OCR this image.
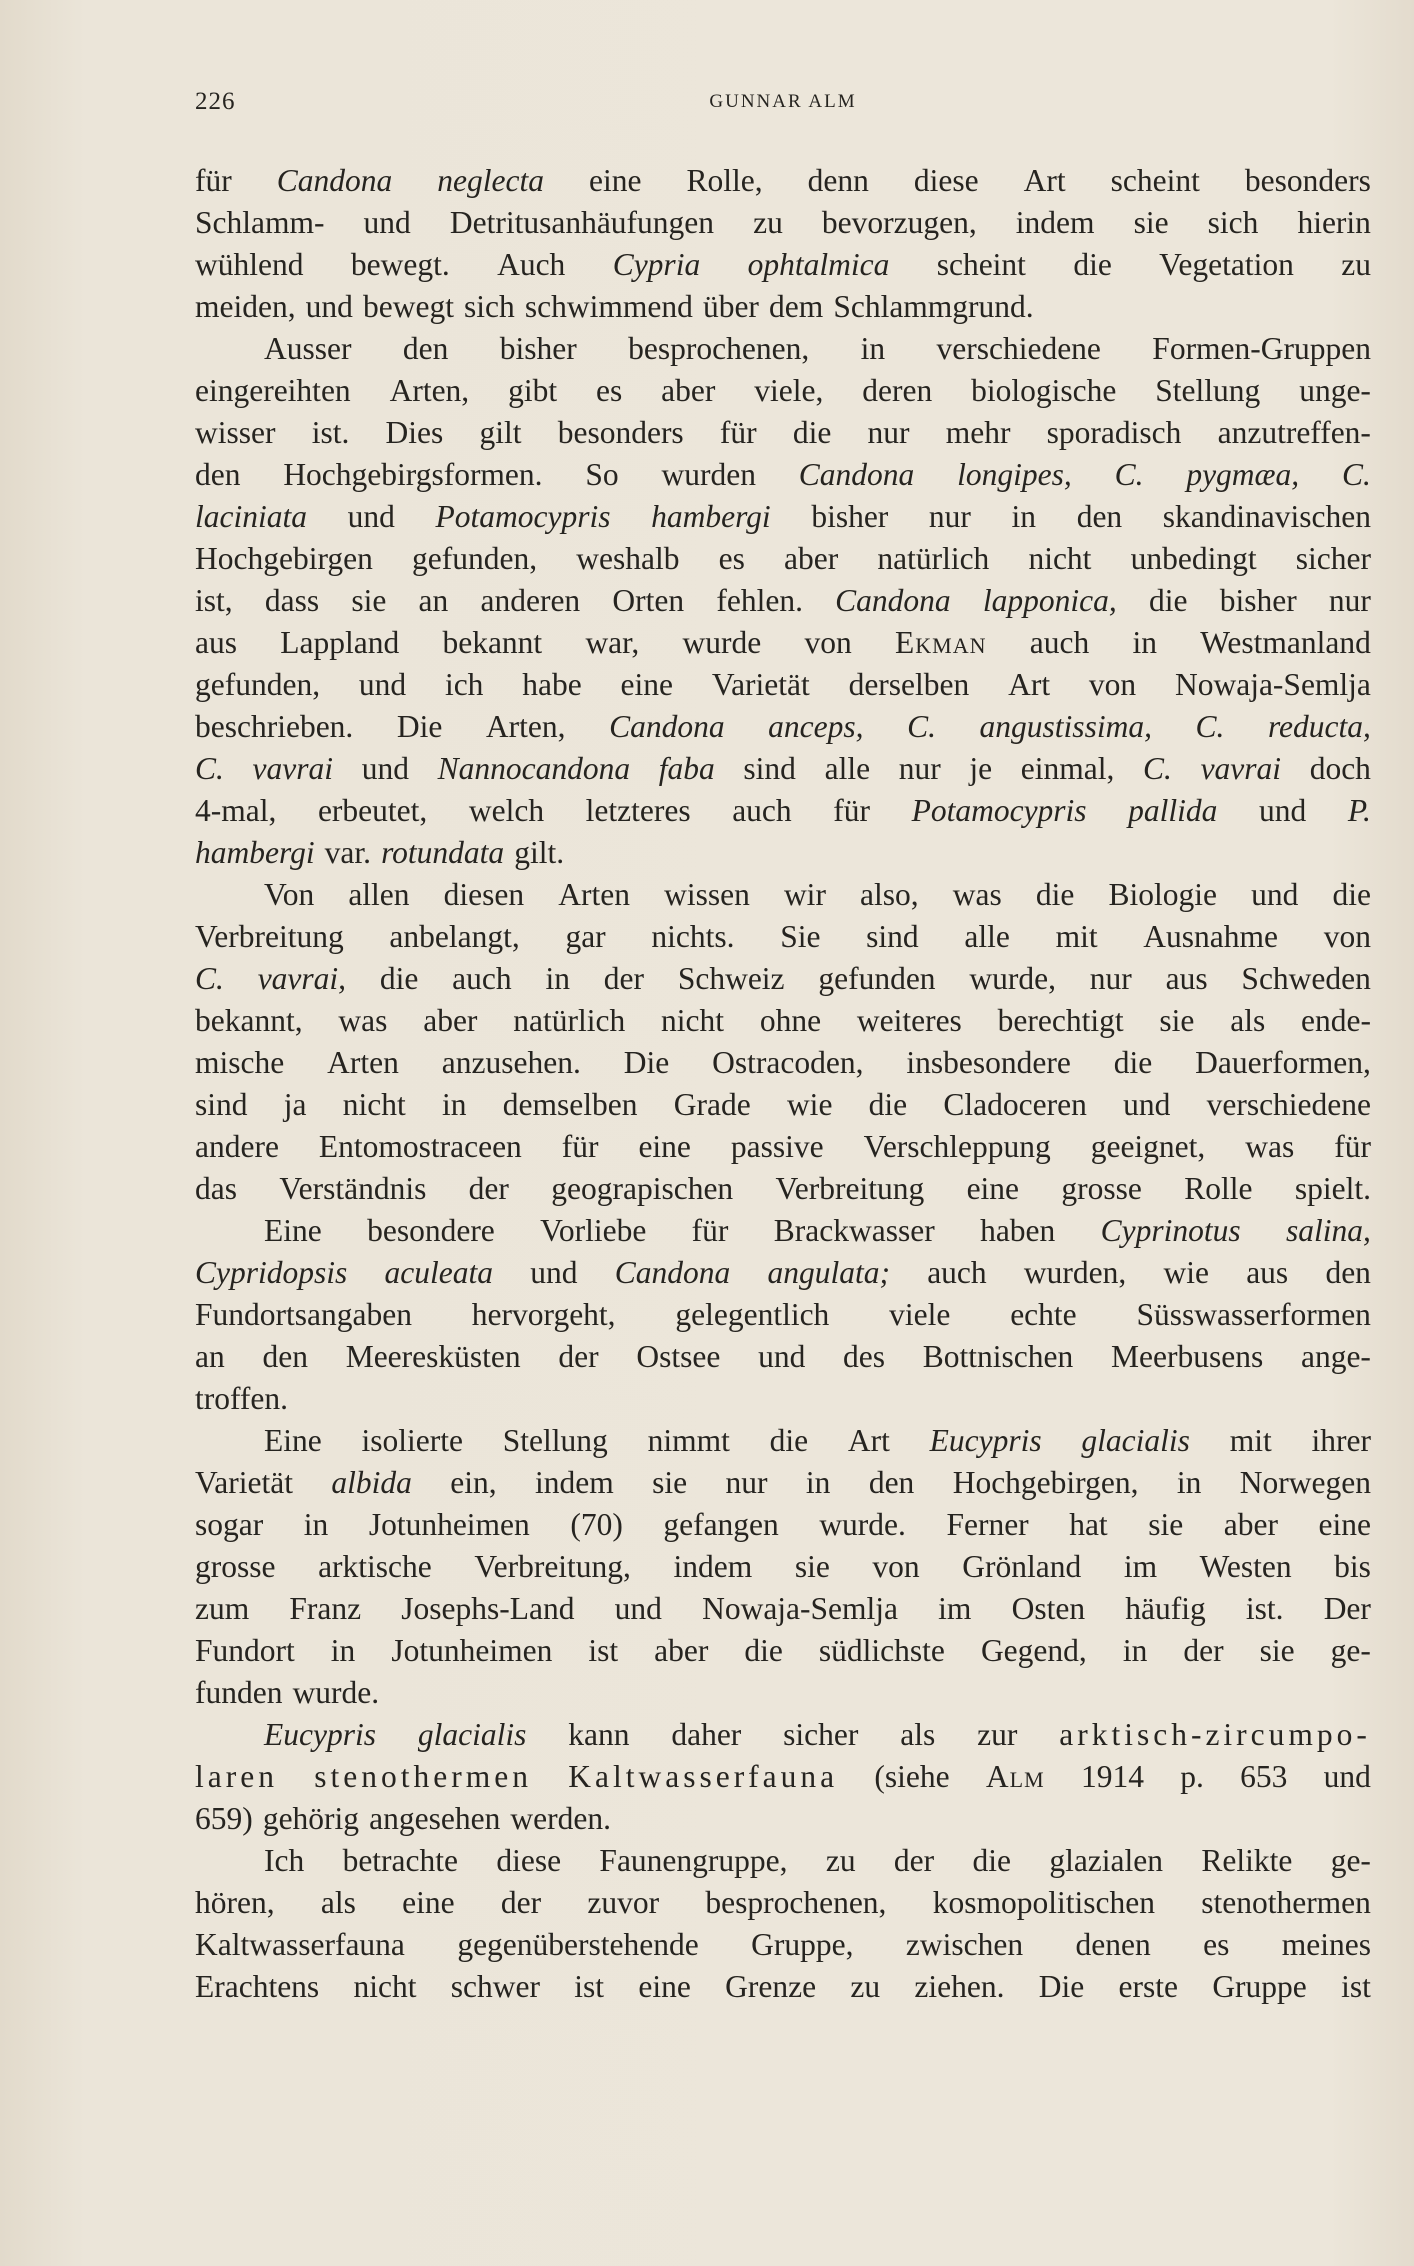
226	GUNNAR ALM
für Candona neglecta eine Rolle, denn diese Art scheint besonders
Schlamm- und Detritusanhäufungen zu bevorzugen, indem sie sich hierin
wühlend bewegt. Auch Cypria ophtalmica scheint die Vegetation zu
meiden, und bewegt sich schwimmend über dem Schlammgrund.
Ausser den bisher besprochenen, in verschiedene Formen-Gruppen
eingereihten Arten, gibt es aber viele, deren biologische Stellung unge-
wisser ist. Dies gilt besonders für die nur mehr sporadisch anzutreffen-
den Hochgebirgsformen. So wurden Candona longipes, C. pygmæa, C.
laciniata und Potamocypris hambergi bisher nur in den skandinavischen
Hochgebirgen gefunden, weshalb es aber natürlich nicht unbedingt sicher
ist, dass sie an anderen Orten fehlen. Candona lapponica, die bisher nur
aus Lappland bekannt war, wurde von Ekman auch in Westmanland
gefunden, und ich habe eine Varietät derselben Art von Nowaja-Semlja
beschrieben. Die Arten, Candona anceps, C. angustissima, C. reducta,
C. vavrai und Nannocandona faba sind alle nur je einmal, C. vavrai doch
4-mal, erbeutet, welch letzteres auch für Potamocypris pallida und P.
hambergi var. rotundata gilt.
Von allen diesen Arten wissen wir also, was die Biologie und die
Verbreitung anbelangt, gar nichts. Sie sind alle mit Ausnahme von
C. vavrai, die auch in der Schweiz gefunden wurde, nur aus Schweden
bekannt, was aber natürlich nicht ohne weiteres berechtigt sie als ende-
mische Arten anzusehen. Die Ostracoden, insbesondere die Dauerformen,
sind ja nicht in demselben Grade wie die Cladoceren und verschiedene
andere Entomostraceen für eine passive Verschleppung geeignet, was für
das Verständnis der geograpischen Verbreitung eine grosse Rolle spielt.
Eine besondere Vorliebe für Brackwasser haben Cyprinotus salina,
Cypridopsis aculeata und Candona angulata; auch wurden, wie aus den
Fundortsangaben hervorgeht, gelegentlich viele echte Süsswasserformen
an den Meeresküsten der Ostsee und des Bottnischen Meerbusens ange-
troffen.
Eine isolierte Stellung nimmt die Art Eucypris glacialis mit ihrer
Varietät albida ein, indem sie nur in den Hochgebirgen, in Norwegen
sogar in Jotunheimen (70) gefangen wurde. Ferner hat sie aber eine
grosse arktische Verbreitung, indem sie von Grönland im Westen bis
zum Franz Josephs-Land und Nowaja-Semlja im Osten häufig ist. Der
Fundort in Jotunheimen ist aber die südlichste Gegend, in der sie ge-
funden wurde.
Eucypris glacialis kann daher sicher als zur arktisch-zircumpo-
laren stenothermen Kaltwasserfauna (siehe Alm 1914 p. 653 und
659) gehörig angesehen werden.
Ich betrachte diese Faunengruppe, zu der die glazialen Relikte ge-
hören, als eine der zuvor besprochenen, kosmopolitischen stenothermen
Kaltwasserfauna gegenüberstehende Gruppe, zwischen denen es meines
Erachtens nicht schwer ist eine Grenze zu ziehen. Die erste Gruppe ist
